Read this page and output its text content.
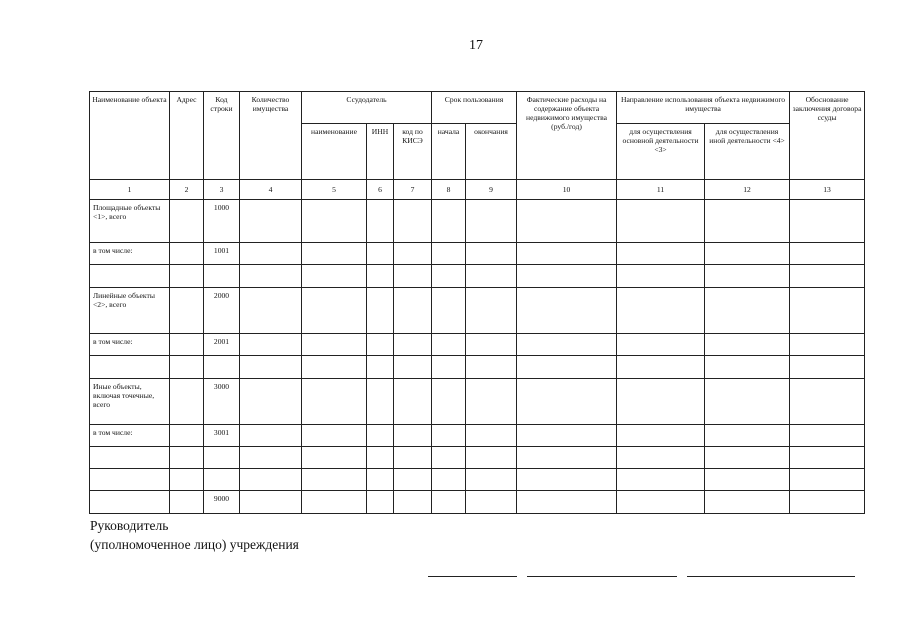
17
Наименование объекта	Адрес	Код строки	Количество имущества	Ссудодатель			Срок пользования		Фактические расходы на содержание объекта недвижимого имущества (руб./год)	Направление использования объекта недвижимого имущества		Обоснование заключения договора ссуды
				наименование	ИНН	код по КИСЭ	начала	окончания		для осуществления основной деятельности <3>	для осуществления иной деятельности <4>	
1	2	3	4	5	6	7	8	9	10	11	12	13
Площадные объекты <1>, всего		1000										
в том числе:		1001										

Линейные объекты <2>, всего		2000										
в том числе:		2001										

Иные объекты, включая точечные, всего		3000										
в том числе:		3001										

		9000										
Руководитель
(уполномоченное лицо) учреждения
